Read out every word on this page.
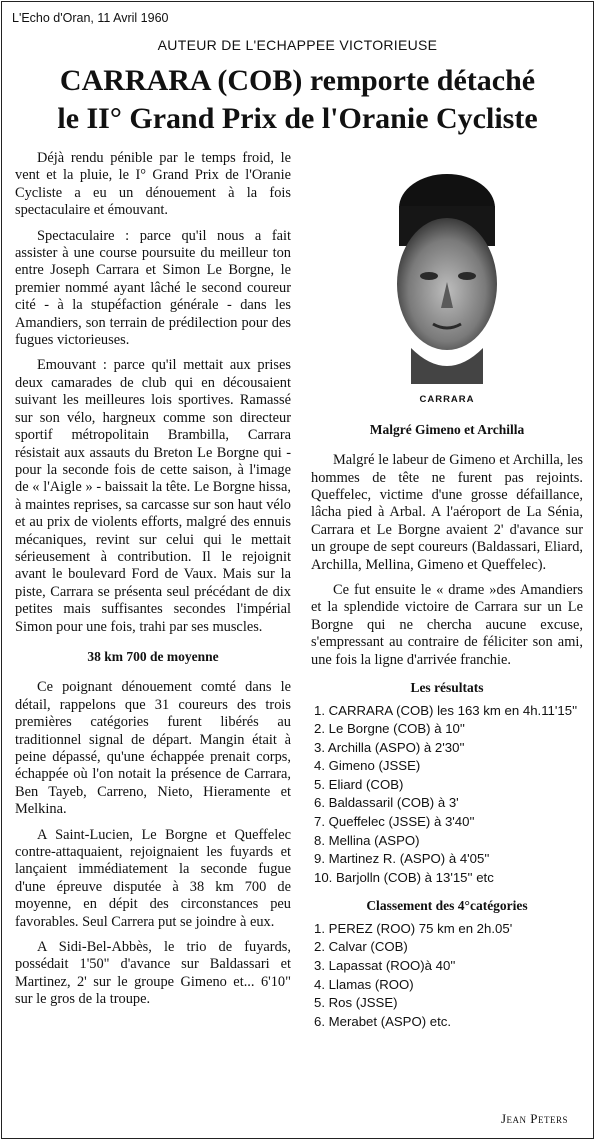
L'Echo d'Oran, 11 Avril 1960
AUTEUR DE L'ECHAPPEE VICTORIEUSE
CARRARA (COB) remporte détaché
le II° Grand Prix de l'Oranie Cycliste

Déjà rendu pénible par le temps froid, le vent et la pluie, le I° Grand Prix de l'Oranie Cycliste a eu un dénouement à la fois spectaculaire et émouvant.

Spectaculaire : parce qu'il nous a fait assister à une course poursuite du meilleur ton entre Joseph Carrara et Simon Le Borgne, le premier nommé ayant lâché le second coureur cité - à la stupéfaction générale - dans les Amandiers, son terrain de prédilection pour des fugues victorieuses.

Emouvant : parce qu'il mettait aux prises deux camarades de club qui en décousaient suivant les meilleures lois sportives. Ramassé sur son vélo, hargneux comme son directeur sportif métropolitain Brambilla, Carrara résistait aux assauts du Breton Le Borgne qui - pour la seconde fois de cette saison, à l'image de « l'Aigle » - baissait la tête. Le Borgne hissa, à maintes reprises, sa carcasse sur son haut vélo et au prix de violents efforts, malgré des ennuis mécaniques, revint sur celui qui le mettait sérieusement à contribution. Il le rejoignit avant le boulevard Ford de Vaux. Mais sur la piste, Carrara se présenta seul précédant de dix petites mais suffisantes secondes l'impérial Simon pour une fois, trahi par ses muscles.

38 km 700 de moyenne

Ce poignant dénouement comté dans le détail, rappelons que 31 coureurs des trois premières catégories furent libérés au traditionnel signal de départ. Mangin était à peine dépassé, qu'une échappée prenait corps, échappée où l'on notait la présence de Carrara, Ben Tayeb, Carreno, Nieto, Hieramente et Melkina.

A Saint-Lucien, Le Borgne et Queffelec contre-attaquaient, rejoignaient les fuyards et lançaient immédiatement la seconde fugue d'une épreuve disputée à 38 km 700 de moyenne, en dépit des circonstances peu favorables. Seul Carrera put se joindre à eux.

A Sidi-Bel-Abbès, le trio de fuyards, possédait 1'50" d'avance sur Baldassari et Martinez, 2' sur le groupe Gimeno et... 6'10" sur le gros de la troupe.

CARRARA
Malgré Gimeno et Archilla

Malgré le labeur de Gimeno et Archilla, les hommes de tête ne furent pas rejoints. Queffelec, victime d'une grosse défaillance, lâcha pied à Arbal. A l'aéroport de La Sénia, Carrara et Le Borgne avaient 2' d'avance sur un groupe de sept coureurs (Baldassari, Eliard, Archilla, Mellina, Gimeno et Queffelec).

Ce fut ensuite le « drame »des Amandiers et la splendide victoire de Carrara sur un Le Borgne qui ne chercha aucune excuse, s'empressant au contraire de féliciter son ami, une fois la ligne d'arrivée franchie.

Les résultats
1. CARRARA (COB) les 163 km en 4h.11'15''
2. Le Borgne (COB) à 10''
3. Archilla (ASPO) à 2'30''
4. Gimeno (JSSE)
5. Eliard (COB)
6. Baldassaril (COB) à 3'
7. Queffelec (JSSE) à 3'40''
8. Mellina (ASPO)
9. Martinez R. (ASPO) à 4'05''
10. Barjolln (COB) à 13'15'' etc
Classement des 4°catégories
1. PEREZ (ROO) 75 km en 2h.05'
2. Calvar (COB)
3. Lapassat (ROO)à 40''
4. Llamas (ROO)
5. Ros (JSSE)
6. Merabet (ASPO) etc.
Jean Peters
